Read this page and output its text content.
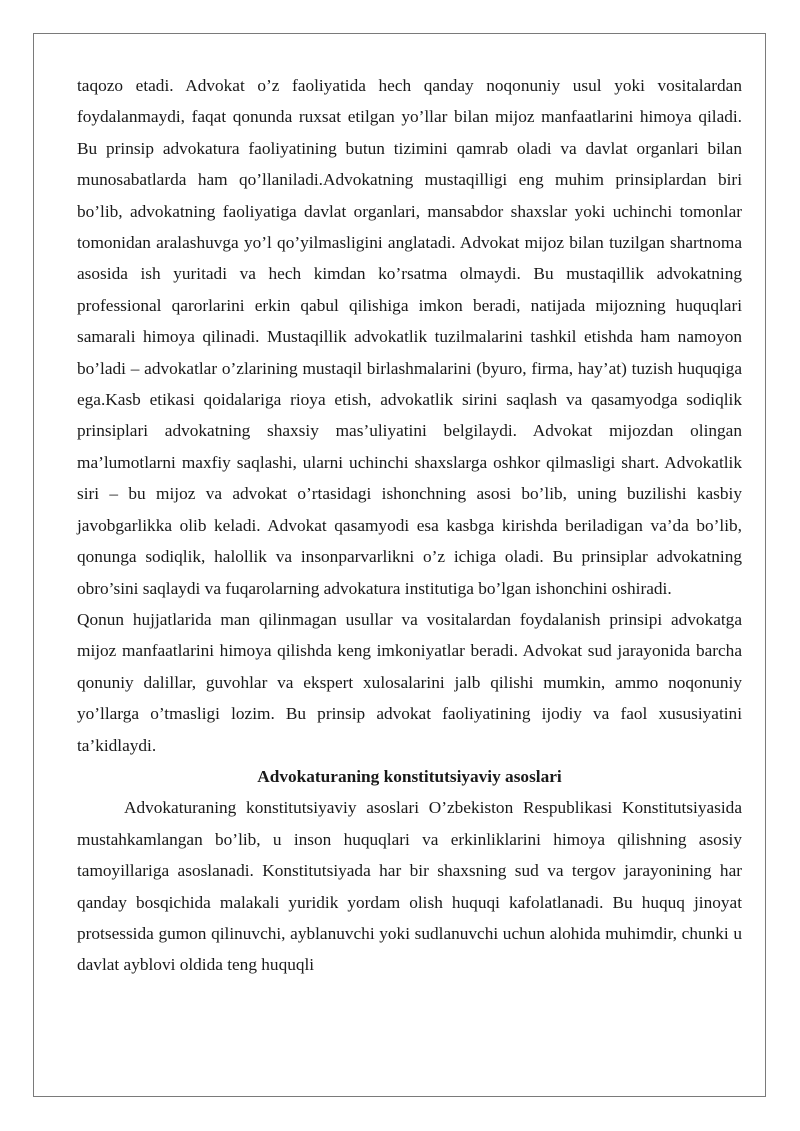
taqozo etadi. Advokat o’z faoliyatida hech qanday noqonuniy usul yoki vositalardan foydalanmaydi, faqat qonunda ruxsat etilgan yo’llar bilan mijoz manfaatlarini himoya qiladi. Bu prinsip advokatura faoliyatining butun tizimini qamrab oladi va davlat organlari bilan munosabatlarda ham qo’llaniladi.Advokatning mustaqilligi eng muhim prinsiplardan biri bo’lib, advokatning faoliyatiga davlat organlari, mansabdor shaxslar yoki uchinchi tomonlar tomonidan aralashuvga yo’l qo’yilmasligini anglatadi. Advokat mijoz bilan tuzilgan shartnoma asosida ish yuritadi va hech kimdan ko’rsatma olmaydi. Bu mustaqillik advokatning professional qarorlarini erkin qabul qilishiga imkon beradi, natijada mijozning huquqlari samarali himoya qilinadi. Mustaqillik advokatlik tuzilmalarini tashkil etishda ham namoyon bo’ladi – advokatlar o’zlarining mustaqil birlashmalarini (byuro, firma, hay’at) tuzish huquqiga ega.Kasb etikasi qoidalariga rioya etish, advokatlik sirini saqlash va qasamyodga sodiqlik prinsiplari advokatning shaxsiy mas’uliyatini belgilaydi. Advokat mijozdan olingan ma’lumotlarni maxfiy saqlashi, ularni uchinchi shaxslarga oshkor qilmasligi shart. Advokatlik siri – bu mijoz va advokat o’rtasidagi ishonchning asosi bo’lib, uning buzilishi kasbiy javobgarlikka olib keladi. Advokat qasamyodi esa kasbga kirishda beriladigan va’da bo’lib, qonunga sodiqlik, halollik va insonparvarlikni o’z ichiga oladi. Bu prinsiplar advokatning obro’sini saqlaydi va fuqarolarning advokatura institutiga bo’lgan ishonchini oshiradi.

Qonun hujjatlarida man qilinmagan usullar va vositalardan foydalanish prinsipi advokatga mijoz manfaatlarini himoya qilishda keng imkoniyatlar beradi. Advokat sud jarayonida barcha qonuniy dalillar, guvohlar va ekspert xulosalarini jalb qilishi mumkin, ammo noqonuniy yo’llarga o’tmasligi lozim. Bu prinsip advokat faoliyatining ijodiy va faol xususiyatini ta’kidlaydi.

Advokaturaning konstitutsiyaviy asoslari

Advokaturaning konstitutsiyaviy asoslari O’zbekiston Respublikasi Konstitutsiyasida mustahkamlangan bo’lib, u inson huquqlari va erkinliklarini himoya qilishning asosiy tamoyillariga asoslanadi. Konstitutsiyada har bir shaxsning sud va tergov jarayonining har qanday bosqichida malakali yuridik yordam olish huquqi kafolatlanadi. Bu huquq jinoyat protsessida gumon qilinuvchi, ayblanuvchi yoki sudlanuvchi uchun alohida muhimdir, chunki u davlat ayblovi oldida teng huquqli
